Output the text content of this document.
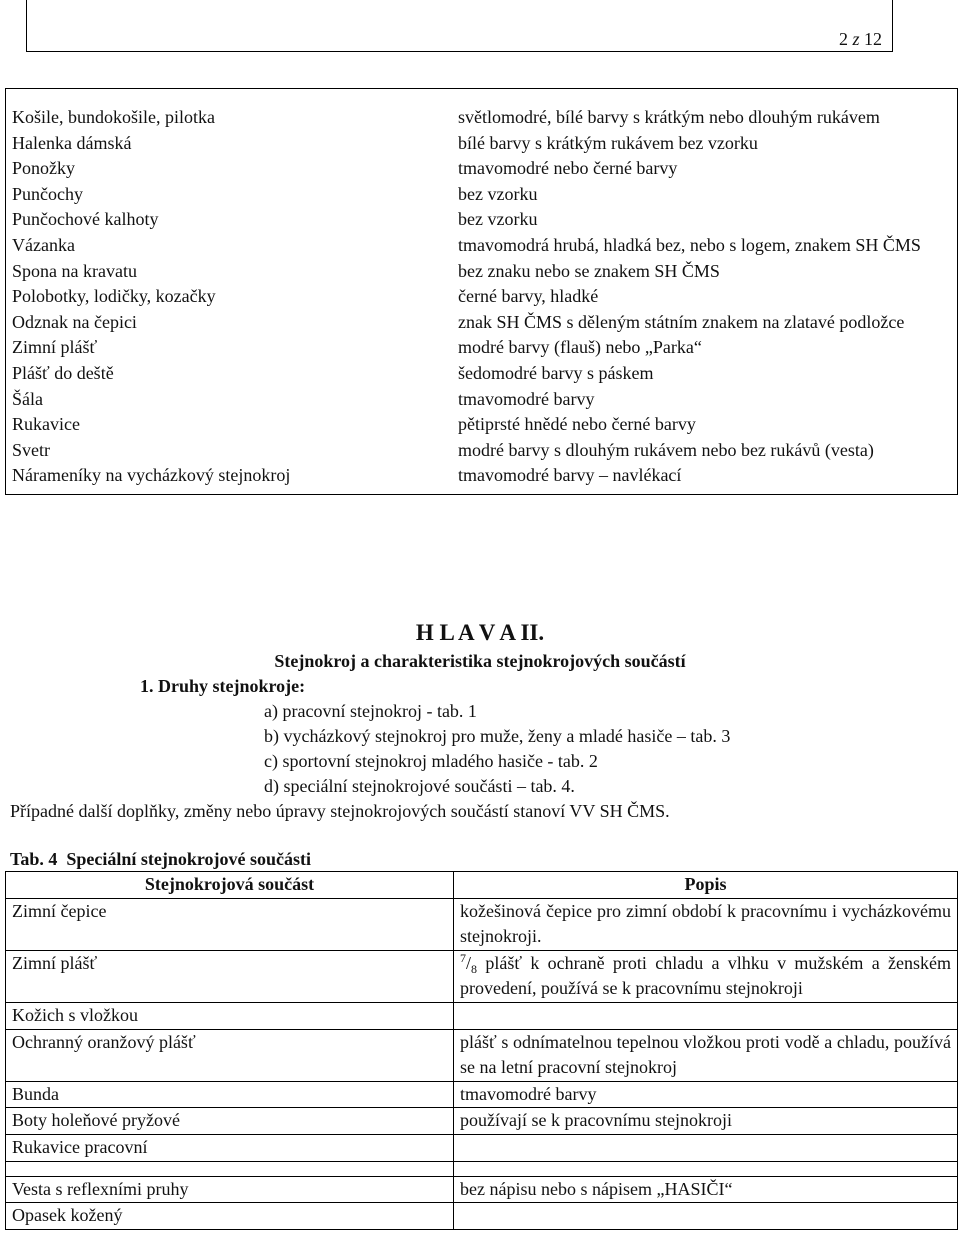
2 z 12
Košile, bundokošile, pilotka	světlomodré, bílé barvy s krátkým nebo dlouhým rukávem
Halenka dámská	bílé barvy s krátkým rukávem bez vzorku
Ponožky	tmavomodré nebo černé barvy
Punčochy	bez vzorku
Punčochové kalhoty	bez vzorku
Vázanka	tmavomodrá hrubá, hladká bez, nebo s logem, znakem SH ČMS
Spona na kravatu	bez znaku nebo se znakem SH ČMS
Polobotky, lodičky, kozačky	černé barvy, hladké
Odznak na čepici	znak SH ČMS s děleným státním znakem na zlatavé podložce
Zimní plášť	modré barvy (flauš) nebo „Parka“
Plášť do deště	šedomodré barvy s páskem
Šála	tmavomodré barvy
Rukavice	pětiprsté hnědé nebo černé barvy
Svetr	modré barvy s dlouhým rukávem nebo bez rukávů (vesta)
Nárameníky na vycházkový stejnokroj	tmavomodré barvy – navlékací
H L A V A II.
Stejnokroj a charakteristika stejnokrojových součástí
1. Druhy stejnokroje:
a) pracovní stejnokroj - tab. 1
b) vycházkový stejnokroj pro muže, ženy a mladé hasiče – tab. 3
c) sportovní stejnokroj mladého hasiče - tab. 2
d) speciální stejnokrojové součásti – tab. 4.
Případné další doplňky, změny nebo úpravy stejnokrojových součástí stanoví VV SH ČMS.
Tab. 4 Speciální stejnokrojové součásti
Stejnokrojová součást	Popis
Zimní čepice	kožešinová čepice pro zimní období k pracovnímu i vycházkovému stejnokroji.
Zimní plášť	$^7/_8$ plášť k ochraně proti chladu a vlhku v mužském a ženském provedení, používá se k pracovnímu stejnokroji
Kožich s vložkou	
Ochranný oranžový plášť	plášť s odnímatelnou tepelnou vložkou proti vodě a chladu, používá se na letní pracovní stejnokroj
Bunda	tmavomodré barvy
Boty holeňové pryžové	používají se k pracovnímu stejnokroji
Rukavice pracovní	

Vesta s reflexními pruhy	bez nápisu nebo s nápisem „HASIČI“
Opasek kožený	
